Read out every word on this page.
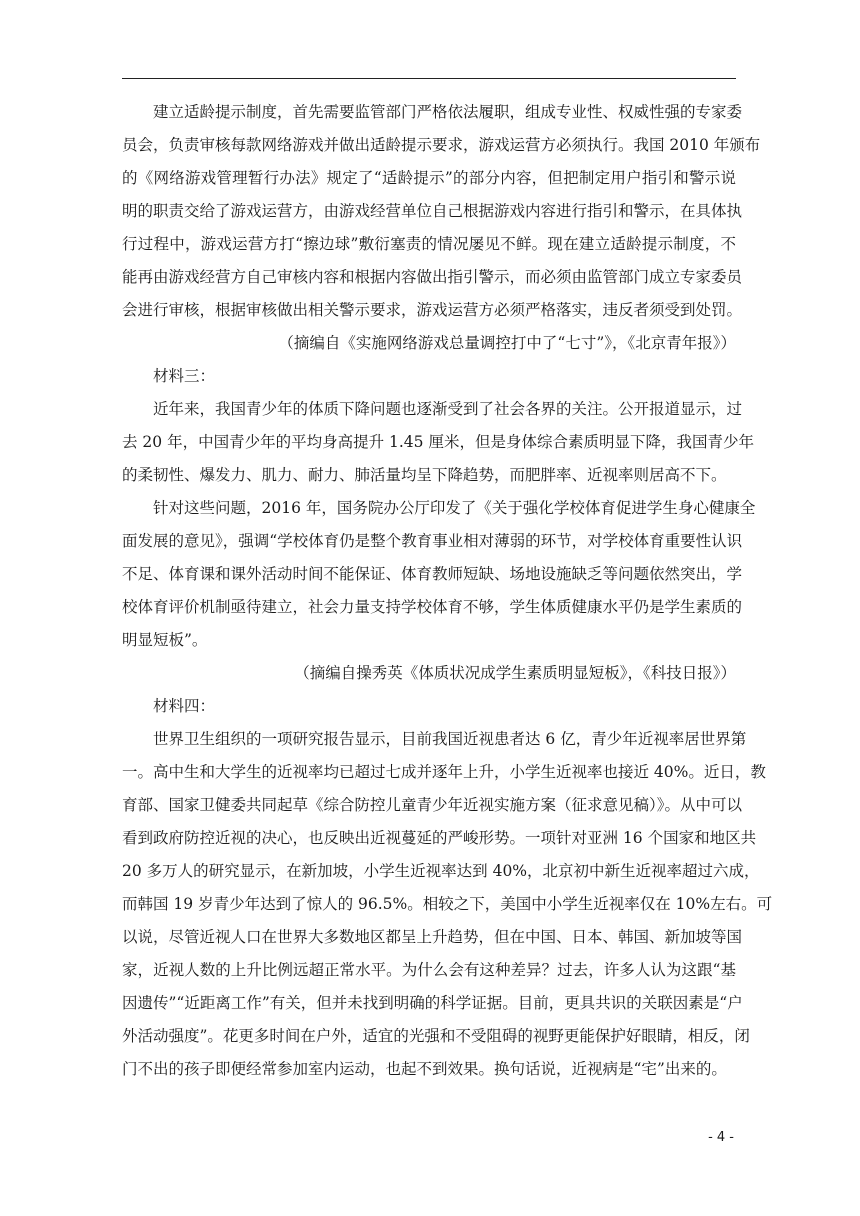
建立适龄提示制度，首先需要监管部门严格依法履职，组成专业性、权威性强的专家委
员会，负责审核每款网络游戏并做出适龄提示要求，游戏运营方必须执行。我国 2010 年颁布
的《网络游戏管理暂行办法》规定了“适龄提示”的部分内容，但把制定用户指引和警示说
明的职责交给了游戏运营方，由游戏经营单位自己根据游戏内容进行指引和警示，在具体执
行过程中，游戏运营方打“擦边球”敷衍塞责的情况屡见不鲜。现在建立适龄提示制度，不
能再由游戏经营方自己审核内容和根据内容做出指引警示，而必须由监管部门成立专家委员
会进行审核，根据审核做出相关警示要求，游戏运营方必须严格落实，违反者须受到处罚。
（摘编自《实施网络游戏总量调控打中了“七寸”》，《北京青年报》）
材料三：
近年来，我国青少年的体质下降问题也逐渐受到了社会各界的关注。公开报道显示，过
去 20 年，中国青少年的平均身高提升 1.45 厘米，但是身体综合素质明显下降，我国青少年
的柔韧性、爆发力、肌力、耐力、肺活量均呈下降趋势，而肥胖率、近视率则居高不下。
针对这些问题，2016 年，国务院办公厅印发了《关于强化学校体育促进学生身心健康全
面发展的意见》，强调“学校体育仍是整个教育事业相对薄弱的环节，对学校体育重要性认识
不足、体育课和课外活动时间不能保证、体育教师短缺、场地设施缺乏等问题依然突出，学
校体育评价机制亟待建立，社会力量支持学校体育不够，学生体质健康水平仍是学生素质的
明显短板”。
（摘编自操秀英《体质状况成学生素质明显短板》，《科技日报》）
材料四：
世界卫生组织的一项研究报告显示，目前我国近视患者达 6 亿，青少年近视率居世界第
一。高中生和大学生的近视率均已超过七成并逐年上升，小学生近视率也接近 40%。近日，教
育部、国家卫健委共同起草《综合防控儿童青少年近视实施方案（征求意见稿）》。从中可以
看到政府防控近视的决心，也反映出近视蔓延的严峻形势。一项针对亚洲 16 个国家和地区共
20 多万人的研究显示，在新加坡，小学生近视率达到 40%，北京初中新生近视率超过六成，
而韩国 19 岁青少年达到了惊人的 96.5%。相较之下，美国中小学生近视率仅在 10%左右。可
以说，尽管近视人口在世界大多数地区都呈上升趋势，但在中国、日本、韩国、新加坡等国
家，近视人数的上升比例远超正常水平。为什么会有这种差异？过去，许多人认为这跟“基
因遗传”“近距离工作”有关，但并未找到明确的科学证据。目前，更具共识的关联因素是“户
外活动强度”。花更多时间在户外，适宜的光强和不受阻碍的视野更能保护好眼睛，相反，闭
门不出的孩子即便经常参加室内运动，也起不到效果。换句话说，近视病是“宅”出来的。
- 4 -
